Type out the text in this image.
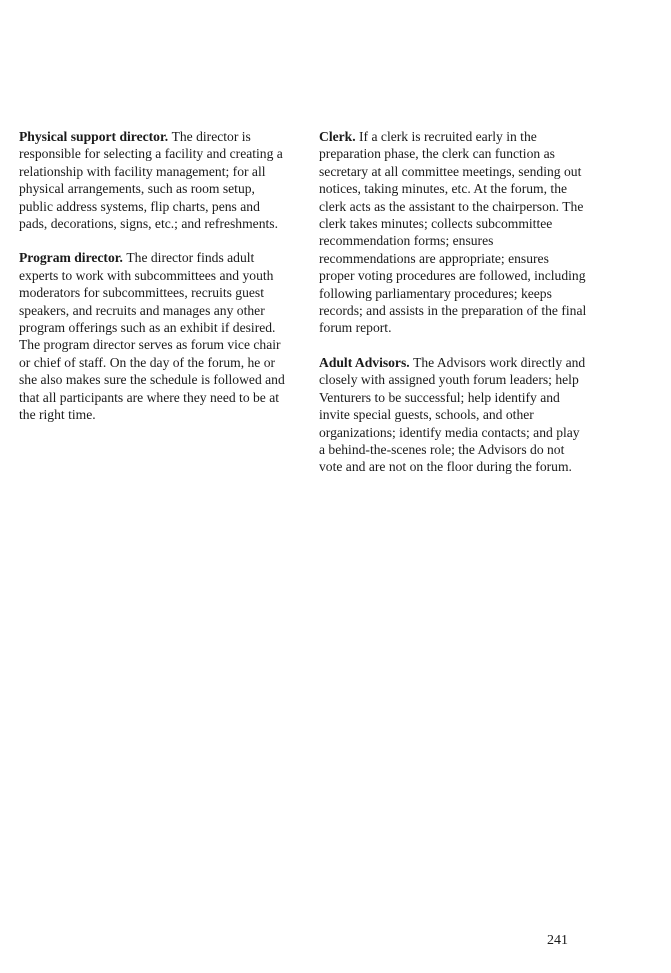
Physical support director. The director is responsible for selecting a facility and creating a relationship with facility management; for all physical arrangements, such as room setup, public address systems, flip charts, pens and pads, decorations, signs, etc.; and refreshments.

Program director. The director finds adult experts to work with subcommittees and youth moderators for subcommittees, recruits guest speakers, and recruits and manages any other program offerings such as an exhibit if desired. The program director serves as forum vice chair or chief of staff. On the day of the forum, he or she also makes sure the schedule is followed and that all participants are where they need to be at the right time.

Clerk. If a clerk is recruited early in the preparation phase, the clerk can function as secretary at all committee meetings, sending out notices, taking minutes, etc. At the forum, the clerk acts as the assistant to the chairperson. The clerk takes minutes; collects subcommittee recommendation forms; ensures recommendations are appropriate; ensures proper voting procedures are followed, including following parliamentary procedures; keeps records; and assists in the preparation of the final forum report.

Adult Advisors. The Advisors work directly and closely with assigned youth forum leaders; help Venturers to be successful; help identify and invite special guests, schools, and other organizations; identify media contacts; and play a behind-the-scenes role; the Advisors do not vote and are not on the floor during the forum.

241
